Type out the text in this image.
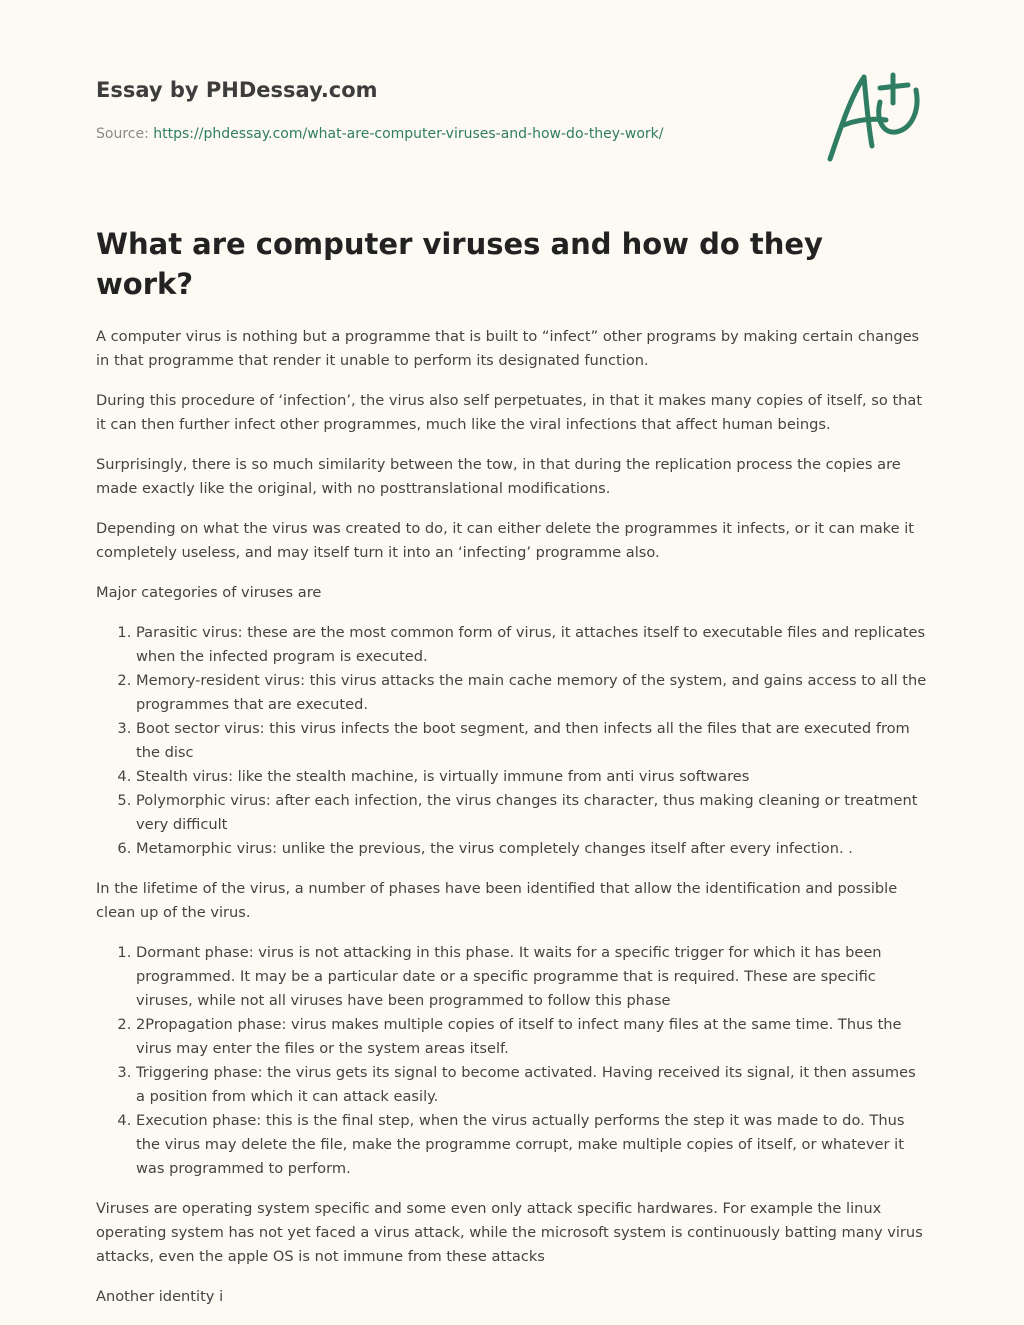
Essay by PHDessay.com
Source: https://phdessay.com/what-are-computer-viruses-and-how-do-they-work/
What are computer viruses and how do they work?

A computer virus is nothing but a programme that is built to “infect” other programs by making certain changes in that programme that render it unable to perform its designated function.

During this procedure of ‘infection’, the virus also self perpetuates, in that it makes many copies of itself, so that it can then further infect other programmes, much like the viral infections that affect human beings.

Surprisingly, there is so much similarity between the tow, in that during the replication process the copies are made exactly like the original, with no posttranslational modifications.

Depending on what the virus was created to do, it can either delete the programmes it infects, or it can make it completely useless, and may itself turn it into an ‘infecting’ programme also.

Major categories of viruses are

1. Parasitic virus: these are the most common form of virus, it attaches itself to executable files and replicates when the infected program is executed.
2. Memory-resident virus: this virus attacks the main cache memory of the system, and gains access to all the programmes that are executed.
3. Boot sector virus: this virus infects the boot segment, and then infects all the files that are executed from the disc
4. Stealth virus: like the stealth machine, is virtually immune from anti virus softwares
5. Polymorphic virus: after each infection, the virus changes its character, thus making cleaning or treatment very difficult
6. Metamorphic virus: unlike the previous, the virus completely changes itself after every infection. .

In the lifetime of the virus, a number of phases have been identified that allow the identification and possible clean up of the virus.

1. Dormant phase: virus is not attacking in this phase. It waits for a specific trigger for which it has been programmed. It may be a particular date or a specific programme that is required. These are specific viruses, while not all viruses have been programmed to follow this phase
2. 2Propagation phase: virus makes multiple copies of itself to infect many files at the same time. Thus the virus may enter the files or the system areas itself.
3. Triggering phase: the virus gets its signal to become activated. Having received its signal, it then assumes a position from which it can attack easily.
4. Execution phase: this is the final step, when the virus actually performs the step it was made to do. Thus the virus may delete the file, make the programme corrupt, make multiple copies of itself, or whatever it was programmed to perform.

Viruses are operating system specific and some even only attack specific hardwares. For example the linux operating system has not yet faced a virus attack, while the microsoft system is continuously batting many virus attacks, even the apple OS is not immune from these attacks

Another identity i
